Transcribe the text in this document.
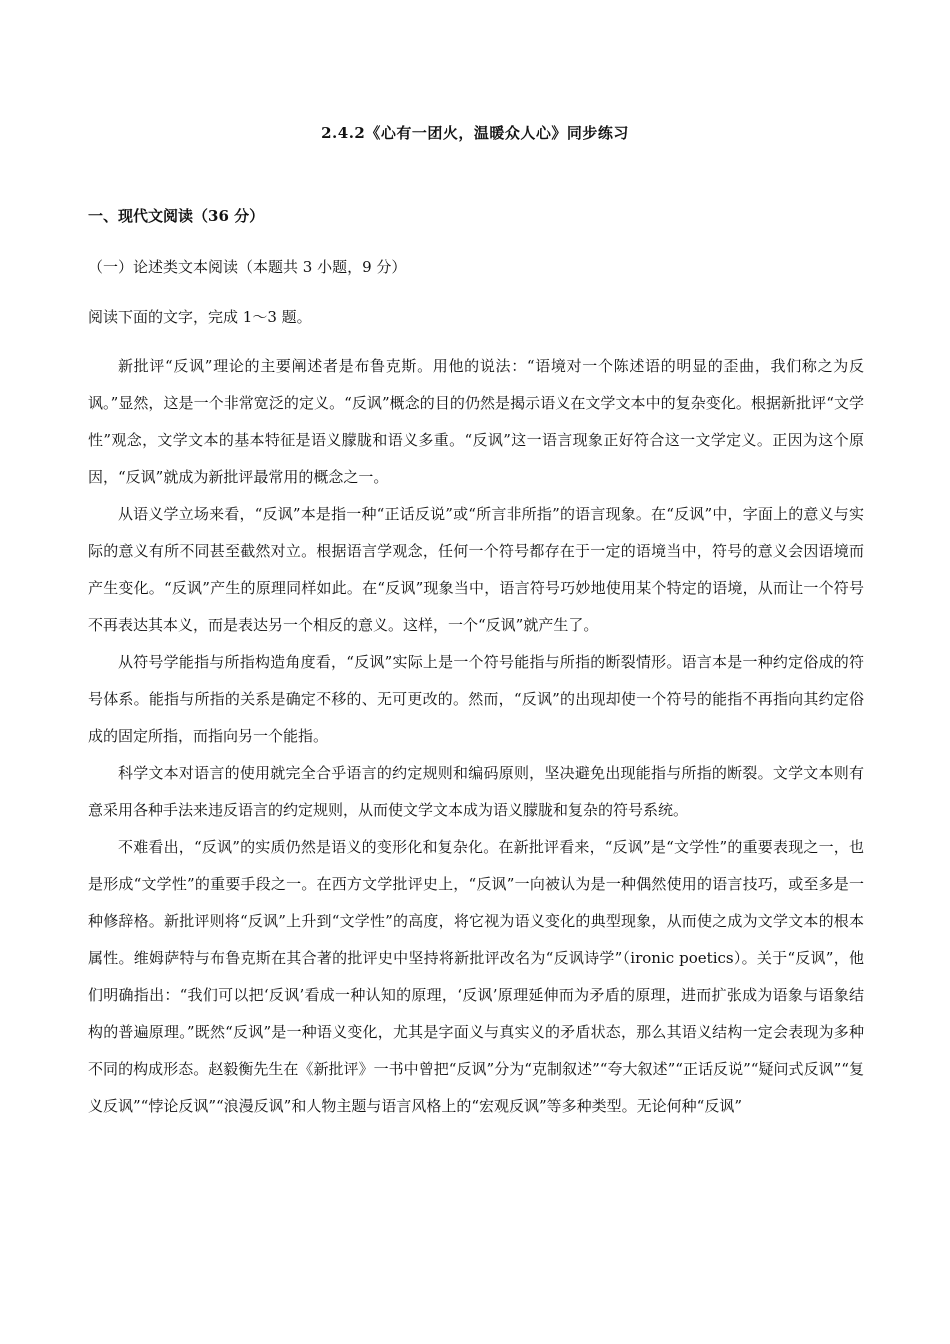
2.4.2《心有一团火，温暖众人心》同步练习
一、现代文阅读（36 分）
（一）论述类文本阅读（本题共 3 小题，9 分）
阅读下面的文字，完成 1～3 题。

新批评“反讽”理论的主要阐述者是布鲁克斯。用他的说法：“语境对一个陈述语的明显的歪曲，我们称之为反讽。”显然，这是一个非常宽泛的定义。“反讽”概念的目的仍然是揭示语义在文学文本中的复杂变化。根据新批评“文学性”观念，文学文本的基本特征是语义朦胧和语义多重。“反讽”这一语言现象正好符合这一文学定义。正因为这个原因，“反讽”就成为新批评最常用的概念之一。

从语义学立场来看，“反讽”本是指一种“正话反说”或“所言非所指”的语言现象。在“反讽”中，字面上的意义与实际的意义有所不同甚至截然对立。根据语言学观念，任何一个符号都存在于一定的语境当中，符号的意义会因语境而产生变化。“反讽”产生的原理同样如此。在“反讽”现象当中，语言符号巧妙地使用某个特定的语境，从而让一个符号不再表达其本义，而是表达另一个相反的意义。这样，一个“反讽”就产生了。

从符号学能指与所指构造角度看，“反讽”实际上是一个符号能指与所指的断裂情形。语言本是一种约定俗成的符号体系。能指与所指的关系是确定不移的、无可更改的。然而，“反讽”的出现却使一个符号的能指不再指向其约定俗成的固定所指，而指向另一个能指。

科学文本对语言的使用就完全合乎语言的约定规则和编码原则，坚决避免出现能指与所指的断裂。文学文本则有意采用各种手法来违反语言的约定规则，从而使文学文本成为语义朦胧和复杂的符号系统。

不难看出，“反讽”的实质仍然是语义的变形化和复杂化。在新批评看来，“反讽”是“文学性”的重要表现之一，也是形成“文学性”的重要手段之一。在西方文学批评史上，“反讽”一向被认为是一种偶然使用的语言技巧，或至多是一种修辞格。新批评则将“反讽”上升到“文学性”的高度，将它视为语义变化的典型现象，从而使之成为文学文本的根本属性。维姆萨特与布鲁克斯在其合著的批评史中坚持将新批评改名为“反讽诗学”（ironic poetics）。关于“反讽”，他们明确指出：“我们可以把‘反讽’看成一种认知的原理，‘反讽’原理延伸而为矛盾的原理，进而扩张成为语象与语象结构的普遍原理。”既然“反讽”是一种语义变化，尤其是字面义与真实义的矛盾状态，那么其语义结构一定会表现为多种不同的构成形态。赵毅衡先生在《新批评》一书中曾把“反讽”分为“克制叙述”“夸大叙述”“正话反说”“疑问式反讽”“复义反讽”“悖论反讽”“浪漫反讽”和人物主题与语言风格上的“宏观反讽”等多种类型。无论何种“反讽”
